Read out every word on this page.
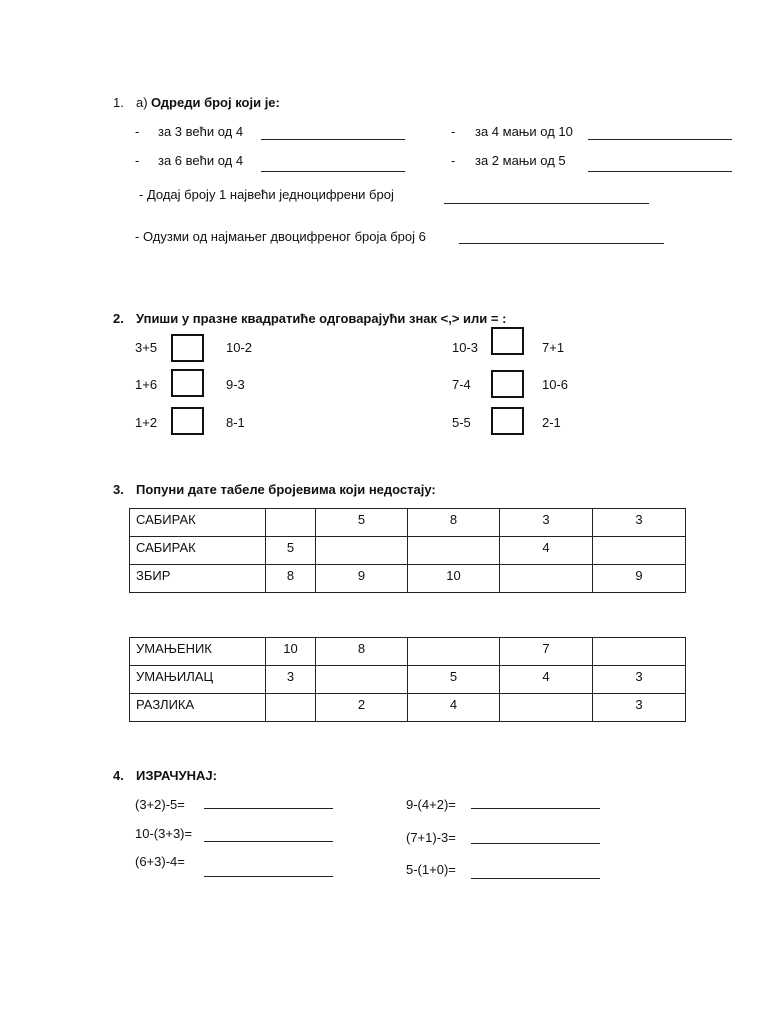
1. а) Одреди број који је:
- за 3 већи од 4	- за 4 мањи од 10
- за 6 већи од 4	- за 2 мањи од 5
- Додај броју 1 највећи једноцифрени број
- Одузми од најмањег двоцифреног броја број 6
2. Упиши у празне квадратиће одговарајући знак <,> или = :
3+5	10-2	10-3	7+1
1+6	9-3	7-4	10-6
1+2	8-1	5-5	2-1
3. Попуни дате табеле бројевима који недостају:
САБИРАК		5	8	3	3
САБИРАК	5			4	
ЗБИР	8	9	10		9
УМАЊЕНИК	10	8		7	
УМАЊИЛАЦ	3		5	4	3
РАЗЛИКА		2	4		3
4. ИЗРАЧУНАЈ:
(3+2)-5=	9-(4+2)=
10-(3+3)=	(7+1)-3=
(6+3)-4=
5-(1+0)=
